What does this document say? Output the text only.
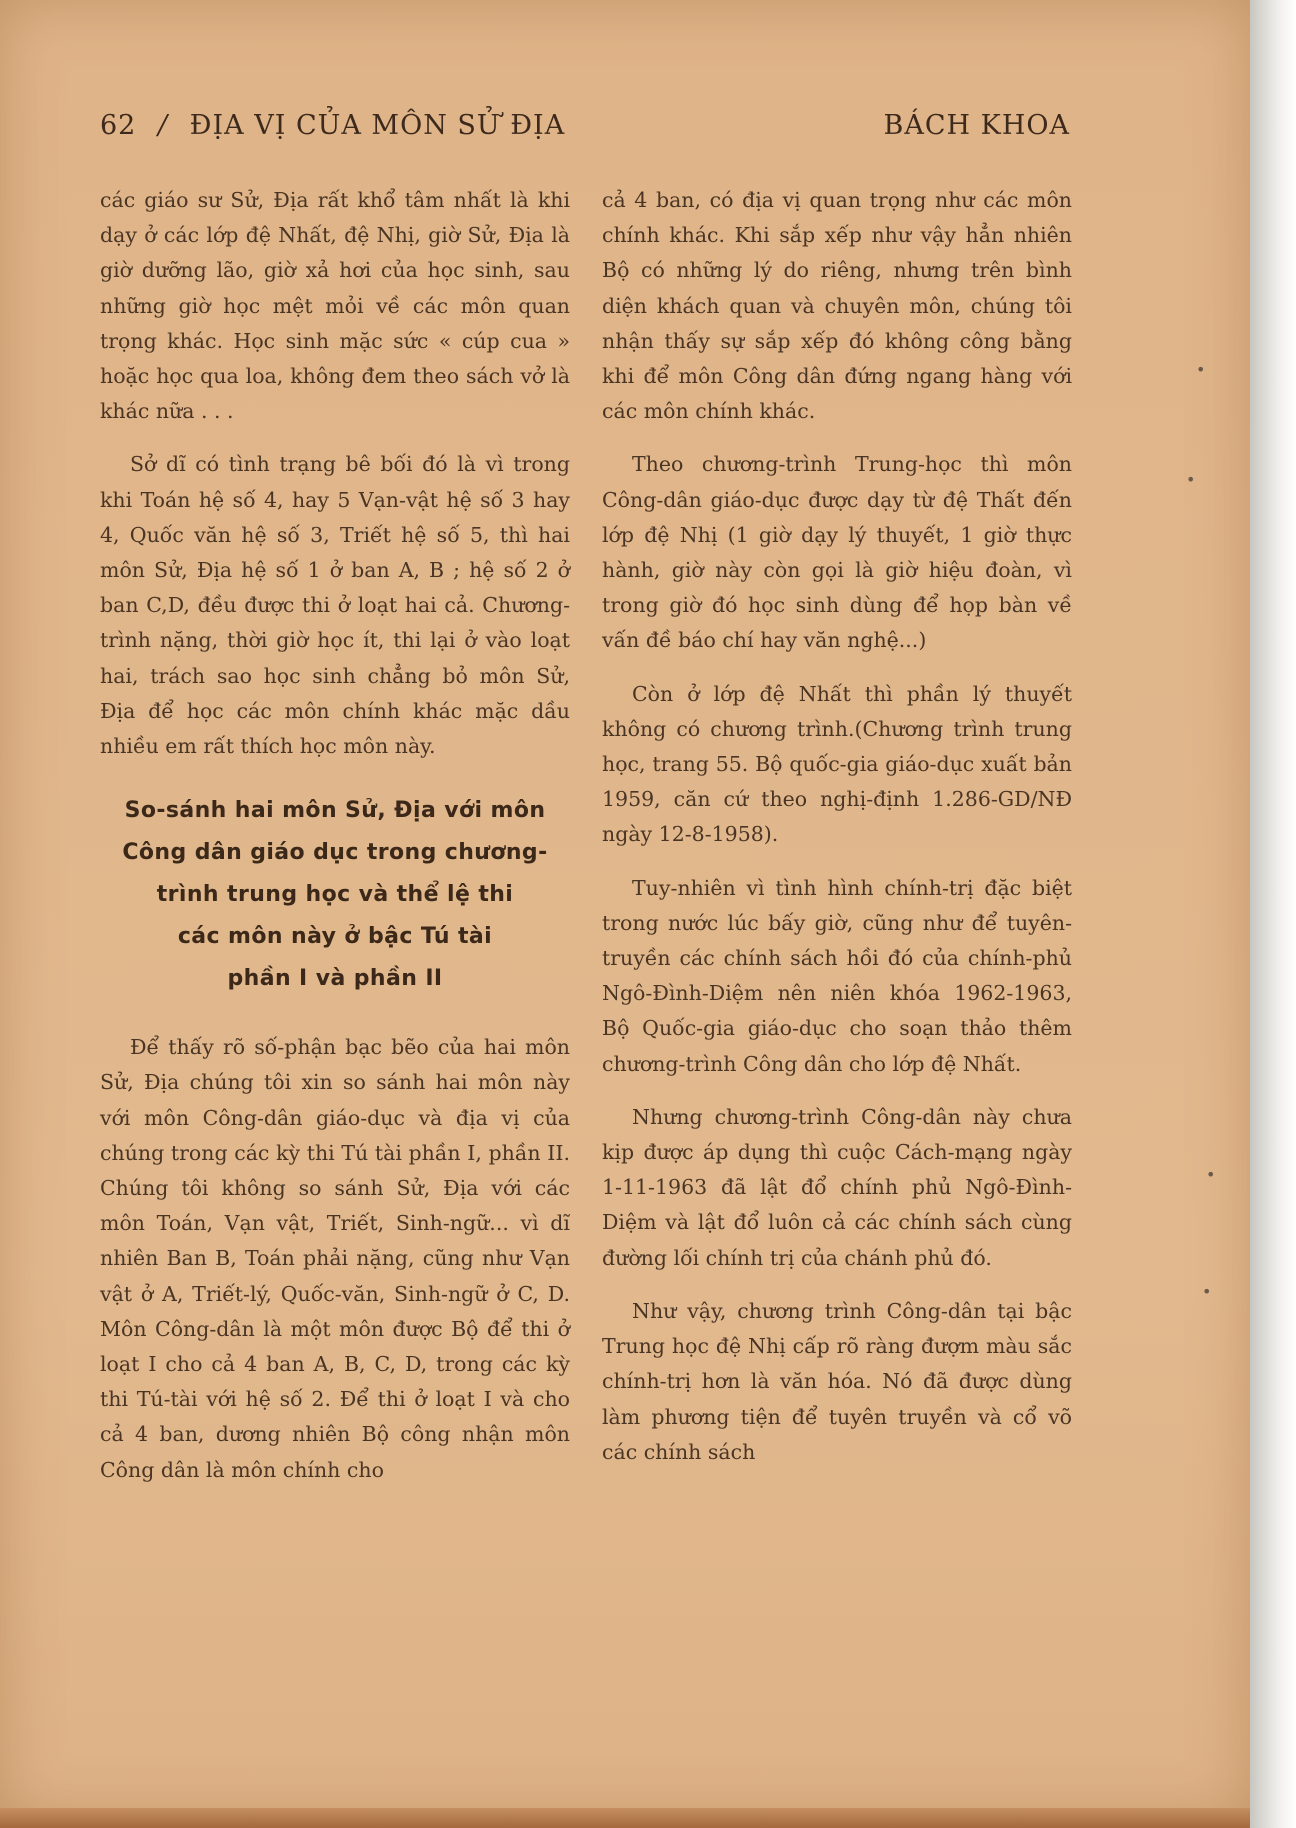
62 / ĐỊA VỊ CỦA MÔN SỬ ĐỊA	BÁCH KHOA

các giáo sư Sử, Địa rất khổ tâm nhất là khi dạy ở các lớp đệ Nhất, đệ Nhị, giờ Sử, Địa là giờ dưỡng lão, giờ xả hơi của học sinh, sau những giờ học mệt mỏi về các môn quan trọng khác. Học sinh mặc sức « cúp cua » hoặc học qua loa, không đem theo sách vở là khác nữa . . .

Sở dĩ có tình trạng bê bối đó là vì trong khi Toán hệ số 4, hay 5 Vạn-vật hệ số 3 hay 4, Quốc văn hệ số 3, Triết hệ số 5, thì hai môn Sử, Địa hệ số 1 ở ban A, B ; hệ số 2 ở ban C,D, đều được thi ở loạt hai cả. Chương-trình nặng, thời giờ học ít, thi lại ở vào loạt hai, trách sao học sinh chẳng bỏ môn Sử, Địa để học các môn chính khác mặc dầu nhiều em rất thích học môn này.

So-sánh hai môn Sử, Địa với môn
Công dân giáo dục trong chương-
trình trung học và thể lệ thi
các môn này ở bậc Tú tài
phần I và phần II

Để thấy rõ số-phận bạc bẽo của hai môn Sử, Địa chúng tôi xin so sánh hai môn này với môn Công-dân giáo-dục và địa vị của chúng trong các kỳ thi Tú tài phần I, phần II. Chúng tôi không so sánh Sử, Địa với các môn Toán, Vạn vật, Triết, Sinh-ngữ... vì dĩ nhiên Ban B, Toán phải nặng, cũng như Vạn vật ở A, Triết-lý, Quốc-văn, Sinh-ngữ ở C, D. Môn Công-dân là một môn được Bộ để thi ở loạt I cho cả 4 ban A, B, C, D, trong các kỳ thi Tú-tài với hệ số 2. Để thi ở loạt I và cho cả 4 ban, dương nhiên Bộ công nhận môn Công dân là môn chính cho

cả 4 ban, có địa vị quan trọng như các môn chính khác. Khi sắp xếp như vậy hẳn nhiên Bộ có những lý do riêng, nhưng trên bình diện khách quan và chuyên môn, chúng tôi nhận thấy sự sắp xếp đó không công bằng khi để môn Công dân đứng ngang hàng với các môn chính khác.

Theo chương-trình Trung-học thì môn Công-dân giáo-dục được dạy từ đệ Thất đến lớp đệ Nhị (1 giờ dạy lý thuyết, 1 giờ thực hành, giờ này còn gọi là giờ hiệu đoàn, vì trong giờ đó học sinh dùng để họp bàn về vấn đề báo chí hay văn nghệ...)

Còn ở lớp đệ Nhất thì phần lý thuyết không có chương trình.(Chương trình trung học, trang 55. Bộ quốc-gia giáo-dục xuất bản 1959, căn cứ theo nghị-định 1.286-GD/NĐ ngày 12-8-1958).

Tuy-nhiên vì tình hình chính-trị đặc biệt trong nước lúc bấy giờ, cũng như để tuyên-truyền các chính sách hồi đó của chính-phủ Ngô-Đình-Diệm nên niên khóa 1962-1963, Bộ Quốc-gia giáo-dục cho soạn thảo thêm chương-trình Công dân cho lớp đệ Nhất.

Nhưng chương-trình Công-dân này chưa kịp được áp dụng thì cuộc Cách-mạng ngày 1-11-1963 đã lật đổ chính phủ Ngô-Đình-Diệm và lật đổ luôn cả các chính sách cùng đường lối chính trị của chánh phủ đó.

Như vậy, chương trình Công-dân tại bậc Trung học đệ Nhị cấp rõ ràng đượm màu sắc chính-trị hơn là văn hóa. Nó đã được dùng làm phương tiện để tuyên truyền và cổ võ các chính sách

•
•
•
•
